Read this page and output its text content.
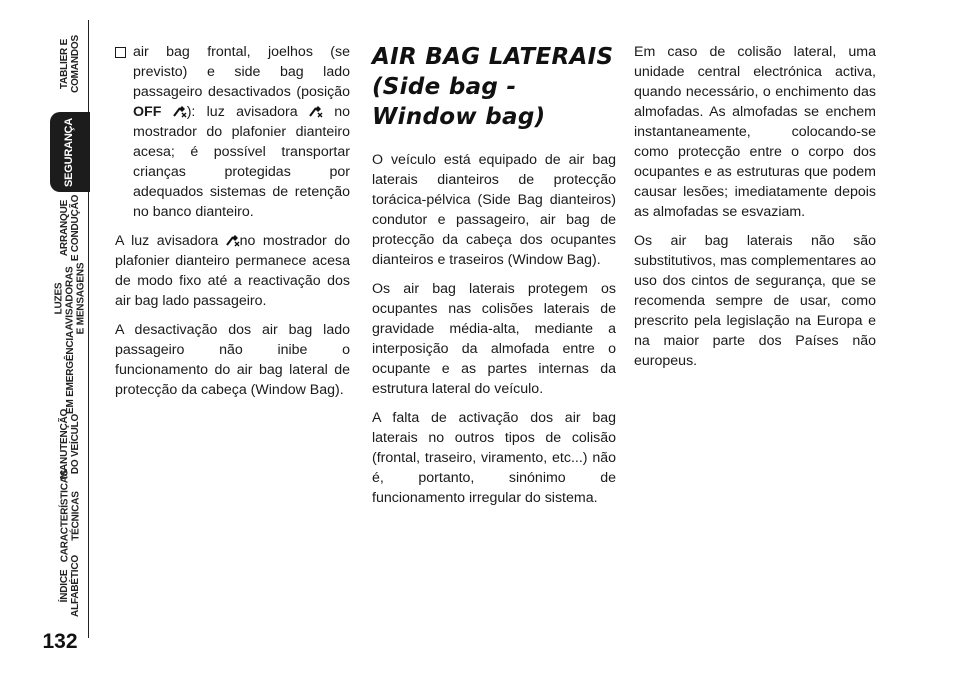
TABLIER E COMANDOS
SEGURANÇA
ARRANQUE E CONDUÇÃO
LUZES AVISADORAS E MENSAGENS
EM EMERGÊNCIA
MANUTENÇÃO DO VEÍCULO
CARACTERÍSTICAS TÉCNICAS
ÍNDICE ALFABÉTICO
132

air bag frontal, joelhos (se previsto) e side bag lado passageiro desactivados (posição OFF ): luz avisadora  no mostrador do plafonier dianteiro acesa; é possível transportar crianças protegidas por adequados sistemas de retenção no banco dianteiro.

A luz avisadora no mostrador do plafonier dianteiro permanece acesa de modo fixo até a reactivação dos air bag lado passageiro.

A desactivação dos air bag lado passageiro não inibe o funcionamento do air bag lateral de protecção da cabeça (Window Bag).

AIR BAG LATERAIS
(Side bag -
Window bag)

O veículo está equipado de air bag laterais dianteiros de protecção torácica-pélvica (Side Bag dianteiros) condutor e passageiro, air bag de protecção da cabeça dos ocupantes dianteiros e traseiros (Window Bag).

Os air bag laterais protegem os ocupantes nas colisões laterais de gravidade média-alta, mediante a interposição da almofada entre o ocupante e as partes internas da estrutura lateral do veículo.

A falta de activação dos air bag laterais no outros tipos de colisão (frontal, traseiro, viramento, etc...) não é, portanto, sinónimo de funcionamento irregular do sistema.

Em caso de colisão lateral, uma unidade central electrónica activa, quando necessário, o enchimento das almofadas. As almofadas se enchem instantaneamente, colocando-se como protecção entre o corpo dos ocupantes e as estruturas que podem causar lesões; imediatamente depois as almofadas se esvaziam.

Os air bag laterais não são substitutivos, mas complementares ao uso dos cintos de segurança, que se recomenda sempre de usar, como prescrito pela legislação na Europa e na maior parte dos Países não europeus.
